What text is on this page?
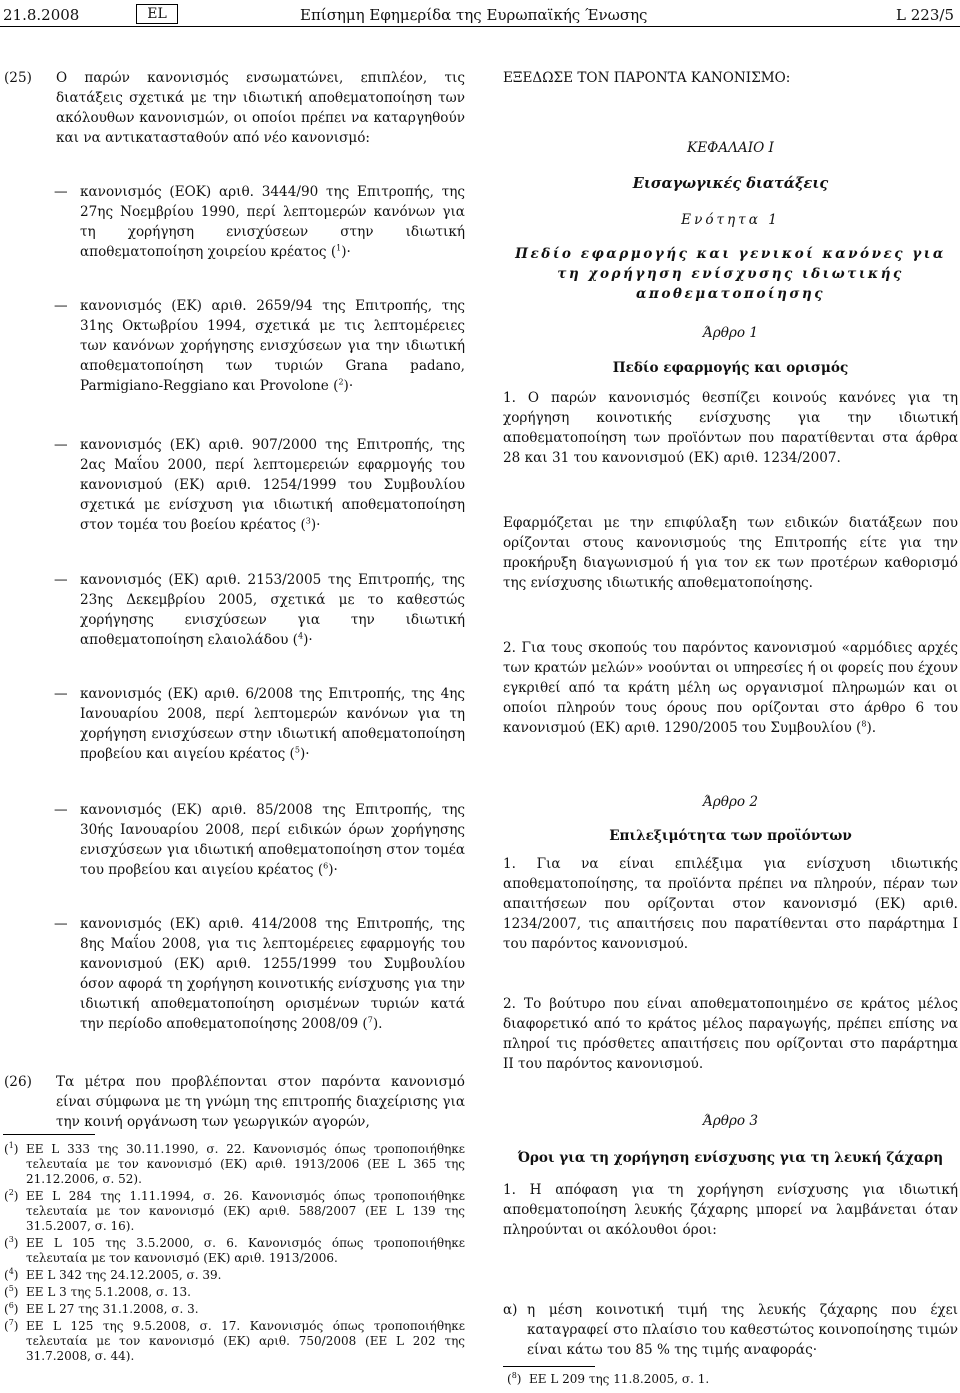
21.8.2008	EL	Επίσημη Εφημερίδα της Ευρωπαϊκής Ένωσης	L 223/5
(25) Ο παρών κανονισμός ενσωματώνει, επιπλέον, τις διατάξεις σχετικά με την ιδιωτική αποθεματοποίηση των ακόλουθων κανονισμών, οι οποίοι πρέπει να καταργηθούν και να αντικατασταθούν από νέο κανονισμό:

— κανονισμός (ΕΟΚ) αριθ. 3444/90 της Επιτροπής, της 27ης Νοεμβρίου 1990, περί λεπτομερών κανόνων για τη χορήγηση ενισχύσεων στην ιδιωτική αποθεματοποίηση χοιρείου κρέατος ($^1$)·

— κανονισμός (ΕΚ) αριθ. 2659/94 της Επιτροπής, της 31ης Οκτωβρίου 1994, σχετικά με τις λεπτομέρειες των κανόνων χορήγησης ενισχύσεων για την ιδιωτική αποθεματοποίηση των τυριών Grana padano, Parmigiano-Reggiano και Provolone ($^2$)·

— κανονισμός (ΕΚ) αριθ. 907/2000 της Επιτροπής, της 2ας Μαΐου 2000, περί λεπτομερειών εφαρμογής του κανονισμού (ΕΚ) αριθ. 1254/1999 του Συμβουλίου σχετικά με ενίσχυση για ιδιωτική αποθεματοποίηση στον τομέα του βοείου κρέατος ($^3$)·

— κανονισμός (ΕΚ) αριθ. 2153/2005 της Επιτροπής, της 23ης Δεκεμβρίου 2005, σχετικά με το καθεστώς χορήγησης ενισχύσεων για την ιδιωτική αποθεματοποίηση ελαιολάδου ($^4$)·

— κανονισμός (ΕΚ) αριθ. 6/2008 της Επιτροπής, της 4ης Ιανουαρίου 2008, περί λεπτομερών κανόνων για τη χορήγηση ενισχύσεων στην ιδιωτική αποθεματοποίηση προβείου και αιγείου κρέατος ($^5$)·

— κανονισμός (ΕΚ) αριθ. 85/2008 της Επιτροπής, της 30ής Ιανουαρίου 2008, περί ειδικών όρων χορήγησης ενισχύσεων για ιδιωτική αποθεματοποίηση στον τομέα του προβείου και αιγείου κρέατος ($^6$)·

— κανονισμός (ΕΚ) αριθ. 414/2008 της Επιτροπής, της 8ης Μαΐου 2008, για τις λεπτομέρειες εφαρμογής του κανονισμού (ΕΚ) αριθ. 1255/1999 του Συμβουλίου όσον αφορά τη χορήγηση κοινοτικής ενίσχυσης για την ιδιωτική αποθεματοποίηση ορισμένων τυριών κατά την περίοδο αποθεματοποίησης 2008/09 ($^7$).

(26) Τα μέτρα που προβλέπονται στον παρόντα κανονισμό είναι σύμφωνα με τη γνώμη της επιτροπής διαχείρισης για την κοινή οργάνωση των γεωργικών αγορών,

($^1$) ΕΕ L 333 της 30.11.1990, σ. 22. Κανονισμός όπως τροποποιήθηκε τελευταία με τον κανονισμό (ΕΚ) αριθ. 1913/2006 (ΕΕ L 365 της 21.12.2006, σ. 52).

($^2$) ΕΕ L 284 της 1.11.1994, σ. 26. Κανονισμός όπως τροποποιήθηκε τελευταία με τον κανονισμό (ΕΚ) αριθ. 588/2007 (ΕΕ L 139 της 31.5.2007, σ. 16).

($^3$) ΕΕ L 105 της 3.5.2000, σ. 6. Κανονισμός όπως τροποποιήθηκε τελευταία με τον κανονισμό (ΕΚ) αριθ. 1913/2006.

($^4$) ΕΕ L 342 της 24.12.2005, σ. 39.

($^5$) ΕΕ L 3 της 5.1.2008, σ. 13.

($^6$) ΕΕ L 27 της 31.1.2008, σ. 3.

($^7$) ΕΕ L 125 της 9.5.2008, σ. 17. Κανονισμός όπως τροποποιήθηκε τελευταία με τον κανονισμό (ΕΚ) αριθ. 750/2008 (ΕΕ L 202 της 31.7.2008, σ. 44).

ΕΞΕΔΩΣΕ ΤΟΝ ΠΑΡΟΝΤΑ ΚΑΝΟΝΙΣΜΟ:

ΚΕΦΑΛΑΙΟ I

Εισαγωγικές διατάξεις

Ενότητα 1

Πεδίο εφαρμογής και γενικοί κανόνες για τη χορήγηση ενίσχυσης ιδιωτικής αποθεματοποίησης

Άρθρο 1

Πεδίο εφαρμογής και ορισμός

1. Ο παρών κανονισμός θεσπίζει κοινούς κανόνες για τη χορήγηση κοινοτικής ενίσχυσης για την ιδιωτική αποθεματοποίηση των προϊόντων που παρατίθενται στα άρθρα 28 και 31 του κανονισμού (ΕΚ) αριθ. 1234/2007.

Εφαρμόζεται με την επιφύλαξη των ειδικών διατάξεων που ορίζονται στους κανονισμούς της Επιτροπής είτε για την προκήρυξη διαγωνισμού ή για τον εκ των προτέρων καθορισμό της ενίσχυσης ιδιωτικής αποθεματοποίησης.

2. Για τους σκοπούς του παρόντος κανονισμού «αρμόδιες αρχές των κρατών μελών» νοούνται οι υπηρεσίες ή οι φορείς που έχουν εγκριθεί από τα κράτη μέλη ως οργανισμοί πληρωμών και οι οποίοι πληρούν τους όρους που ορίζονται στο άρθρο 6 του κανονισμού (ΕΚ) αριθ. 1290/2005 του Συμβουλίου ($^8$).

Άρθρο 2

Επιλεξιμότητα των προϊόντων

1. Για να είναι επιλέξιμα για ενίσχυση ιδιωτικής αποθεματοποίησης, τα προϊόντα πρέπει να πληρούν, πέραν των απαιτήσεων που ορίζονται στον κανονισμό (ΕΚ) αριθ. 1234/2007, τις απαιτήσεις που παρατίθενται στο παράρτημα I του παρόντος κανονισμού.

2. Το βούτυρο που είναι αποθεματοποιημένο σε κράτος μέλος διαφορετικό από το κράτος μέλος παραγωγής, πρέπει επίσης να πληροί τις πρόσθετες απαιτήσεις που ορίζονται στο παράρτημα II του παρόντος κανονισμού.

Άρθρο 3

Όροι για τη χορήγηση ενίσχυσης για τη λευκή ζάχαρη

1. Η απόφαση για τη χορήγηση ενίσχυσης για ιδιωτική αποθεματοποίηση λευκής ζάχαρης μπορεί να λαμβάνεται όταν πληρούνται οι ακόλουθοι όροι:

α) η μέση κοινοτική τιμή της λευκής ζάχαρης που έχει καταγραφεί στο πλαίσιο του καθεστώτος κοινοποίησης τιμών είναι κάτω του 85 % της τιμής αναφοράς·

($^8$) ΕΕ L 209 της 11.8.2005, σ. 1.
